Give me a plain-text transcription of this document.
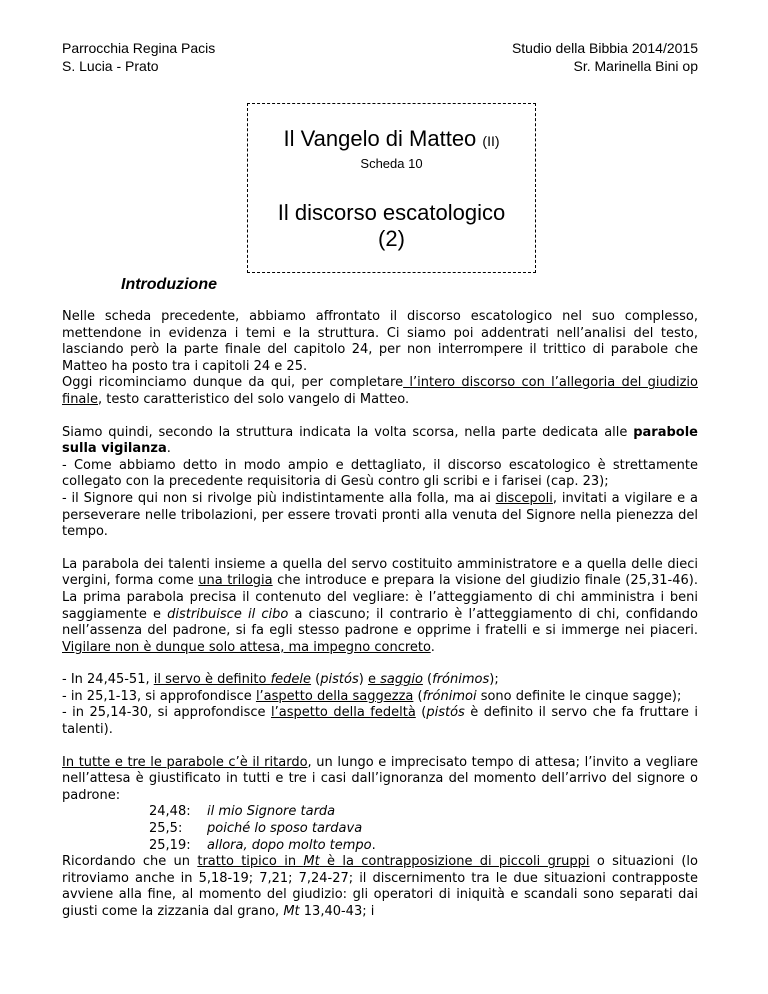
Parrocchia Regina Pacis
S. Lucia - Prato
Studio della Bibbia 2014/2015
Sr. Marinella Bini op
Il Vangelo di Matteo (II)
Scheda 10
Il discorso escatologico
(2)
Introduzione

Nelle scheda precedente, abbiamo affrontato il discorso escatologico nel suo complesso, mettendone in evidenza i temi e la struttura. Ci siamo poi addentrati nell’analisi del testo, lasciando però la parte finale del capitolo 24, per non interrompere il trittico di parabole che Matteo ha posto tra i capitoli 24 e 25.
Oggi ricominciamo dunque da qui, per completare l’intero discorso con l’allegoria del giudizio finale, testo caratteristico del solo vangelo di Matteo.

Siamo quindi, secondo la struttura indicata la volta scorsa, nella parte dedicata alle parabole sulla vigilanza.
- Come abbiamo detto in modo ampio e dettagliato, il discorso escatologico è strettamente collegato con la precedente requisitoria di Gesù contro gli scribi e i farisei (cap. 23);
- il Signore qui non si rivolge più indistintamente alla folla, ma ai discepoli, invitati a vigilare e a perseverare nelle tribolazioni, per essere trovati pronti alla venuta del Signore nella pienezza del tempo.

La parabola dei talenti insieme a quella del servo costituito amministratore e a quella delle dieci vergini, forma come una trilogia che introduce e prepara la visione del giudizio finale (25,31-46). La prima parabola precisa il contenuto del vegliare: è l’atteggiamento di chi amministra i beni saggiamente e distribuisce il cibo a ciascuno; il contrario è l’atteggiamento di chi, confidando nell’assenza del padrone, si fa egli stesso padrone e opprime i fratelli e si immerge nei piaceri. Vigilare non è dunque solo attesa, ma impegno concreto.

- In 24,45-51, il servo è definito fedele (pistós) e saggio (frónimos);
- in 25,1-13, si approfondisce l’aspetto della saggezza (frónimoi sono definite le cinque sagge);
- in 25,14-30, si approfondisce l’aspetto della fedeltà (pistós è definito il servo che fa fruttare i talenti).

In tutte e tre le parabole c’è il ritardo, un lungo e imprecisato tempo di attesa; l’invito a vegliare nell’attesa è giustificato in tutti e tre i casi dall’ignoranza del momento dell’arrivo del signore o padrone:

24,48: il mio Signore tarda
25,5: poiché lo sposo tardava
25,19: allora, dopo molto tempo.

Ricordando che un tratto tipico in Mt è la contrapposizione di piccoli gruppi o situazioni (lo ritroviamo anche in 5,18-19; 7,21; 7,24-27; il discernimento tra le due situazioni contrapposte avviene alla fine, al momento del giudizio: gli operatori di iniquità e scandali sono separati dai giusti come la zizzania dal grano, Mt 13,40-43; i
